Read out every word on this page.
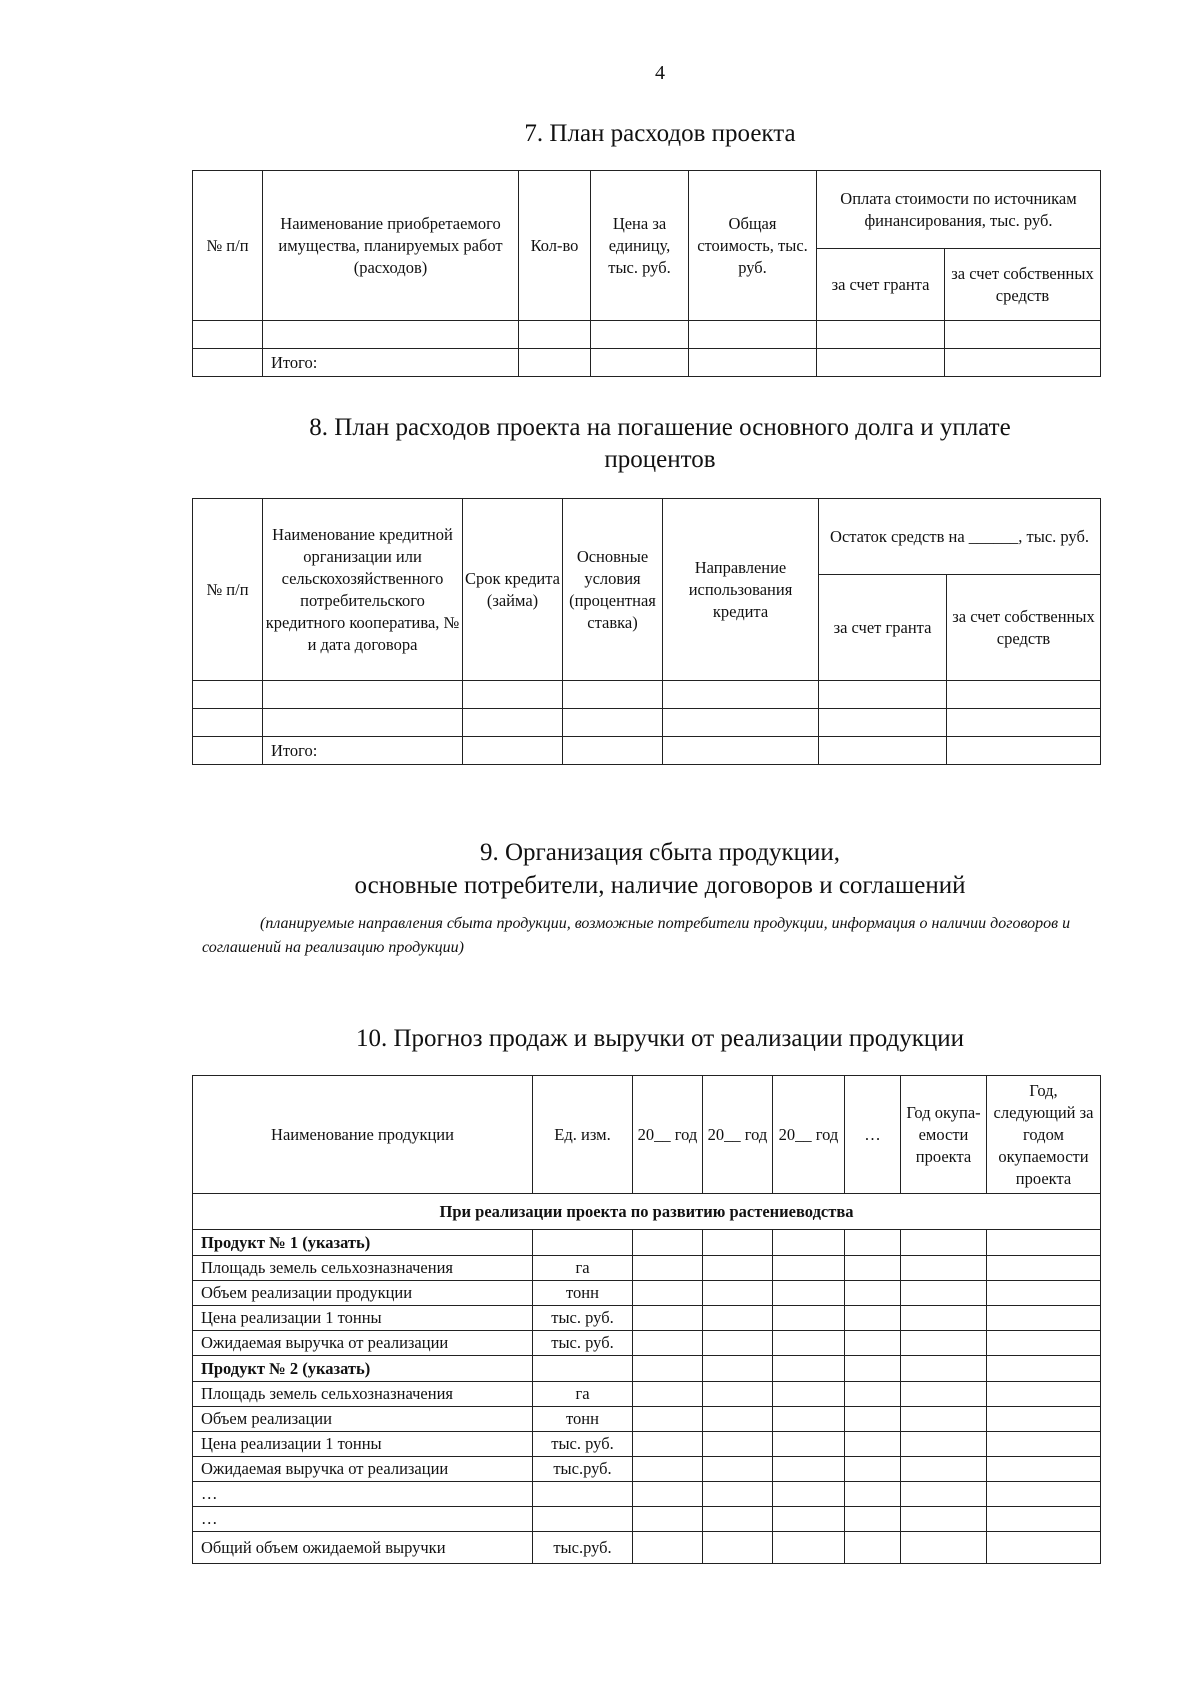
4
7. План расходов проекта
№ п/п	Наименование приобретаемого имущества, планируемых работ (расходов)	Кол-во	Цена за единицу, тыс. руб.	Общая стоимость, тыс. руб.	Оплата стоимости по источникам финансирования, тыс. руб.	
					за счет гранта	за счет собственных средств

	Итого:					
8. План расходов проекта на погашение основного долга и уплате
процентов
№ п/п	Наименование кредитной организации или сельскохозяйственного потребительского кредитного кооператива, № и дата договора	Срок кредита (займа)	Основные условия (процентная ставка)	Направление использования кредита	Остаток средств на ______, тыс. руб.	
					за счет гранта	за счет собственных средств

	Итого:					
9. Организация сбыта продукции,
основные потребители, наличие договоров и соглашений
(планируемые направления сбыта продукции, возможные потребители продукции, информация о наличии договоров и соглашений на реализацию продукции)
10. Прогноз продаж и выручки от реализации продукции
Наименование продукции	Ед. изм.	20__ год	20__ год	20__ год	…	Год окупа-емости проекта	Год, следующий за годом окупаемости проекта
При реализации проекта по развитию растениеводства							
Продукт № 1 (указать)							
Площадь земель сельхозназначения	га						
Объем реализации продукции	тонн						
Цена реализации 1 тонны	тыс. руб.						
Ожидаемая выручка от реализации	тыс. руб.						
Продукт № 2 (указать)							
Площадь земель сельхозназначения	га						
Объем реализации	тонн						
Цена реализации 1 тонны	тыс. руб.						
Ожидаемая выручка от реализации	тыс.руб.						
…							
…							
Общий объем ожидаемой выручки	тыс.руб.						
